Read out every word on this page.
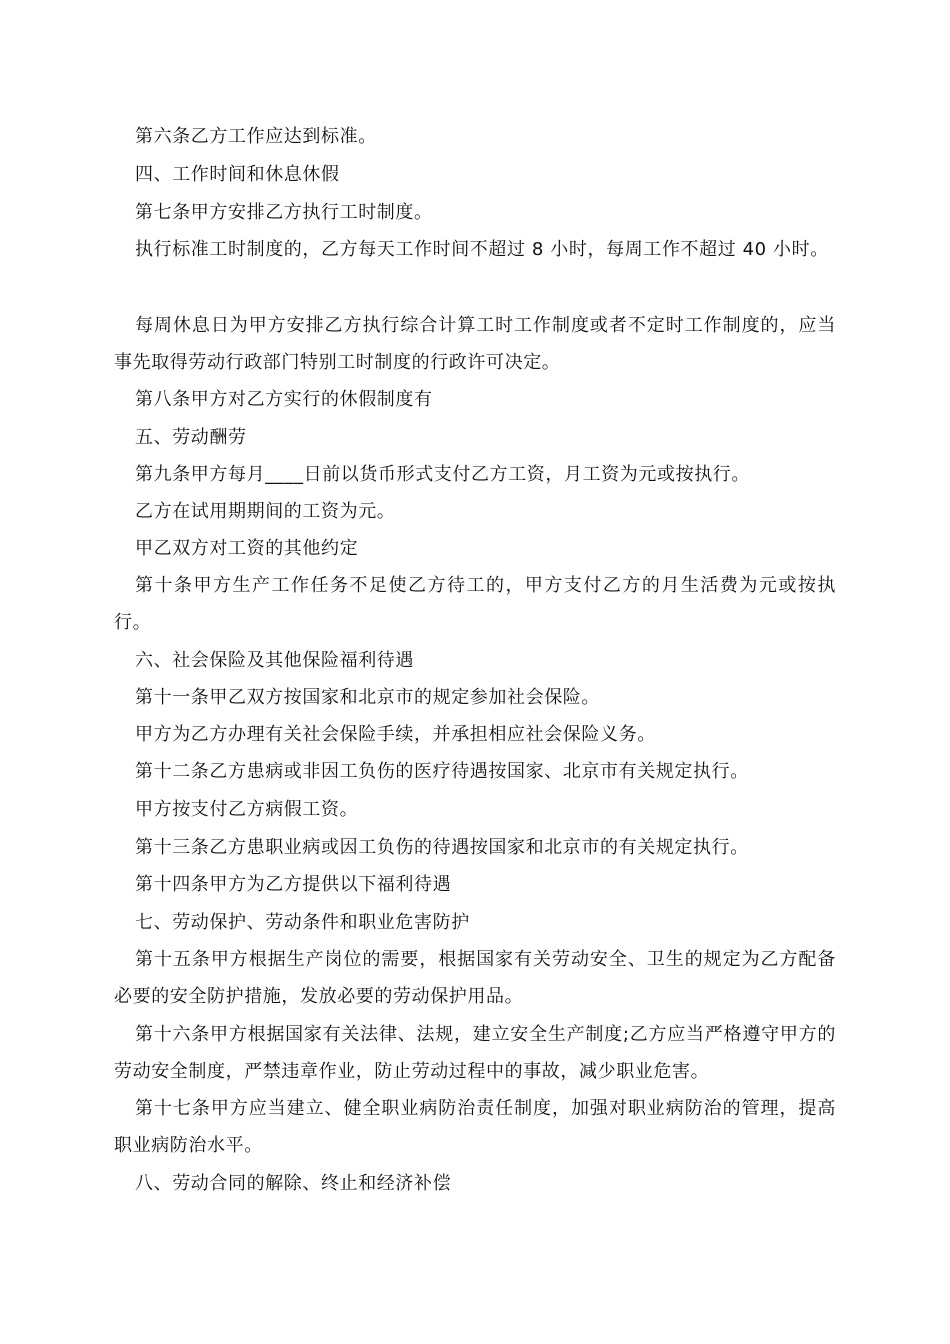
第六条乙方工作应达到标准。

四、工作时间和休息休假

第七条甲方安排乙方执行工时制度。

执行标准工时制度的，乙方每天工作时间不超过 8 小时，每周工作不超过 40 小时。

每周休息日为甲方安排乙方执行综合计算工时工作制度或者不定时工作制度的，应当事先取得劳动行政部门特别工时制度的行政许可决定。

第八条甲方对乙方实行的休假制度有

五、劳动酬劳

第九条甲方每月____日前以货币形式支付乙方工资，月工资为元或按执行。

乙方在试用期期间的工资为元。

甲乙双方对工资的其他约定

第十条甲方生产工作任务不足使乙方待工的，甲方支付乙方的月生活费为元或按执行。

六、社会保险及其他保险福利待遇

第十一条甲乙双方按国家和北京市的规定参加社会保险。

甲方为乙方办理有关社会保险手续，并承担相应社会保险义务。

第十二条乙方患病或非因工负伤的医疗待遇按国家、北京市有关规定执行。

甲方按支付乙方病假工资。

第十三条乙方患职业病或因工负伤的待遇按国家和北京市的有关规定执行。

第十四条甲方为乙方提供以下福利待遇

七、劳动保护、劳动条件和职业危害防护

第十五条甲方根据生产岗位的需要，根据国家有关劳动安全、卫生的规定为乙方配备必要的安全防护措施，发放必要的劳动保护用品。

第十六条甲方根据国家有关法律、法规，建立安全生产制度;乙方应当严格遵守甲方的劳动安全制度，严禁违章作业，防止劳动过程中的事故，减少职业危害。

第十七条甲方应当建立、健全职业病防治责任制度，加强对职业病防治的管理，提高职业病防治水平。

八、劳动合同的解除、终止和经济补偿
